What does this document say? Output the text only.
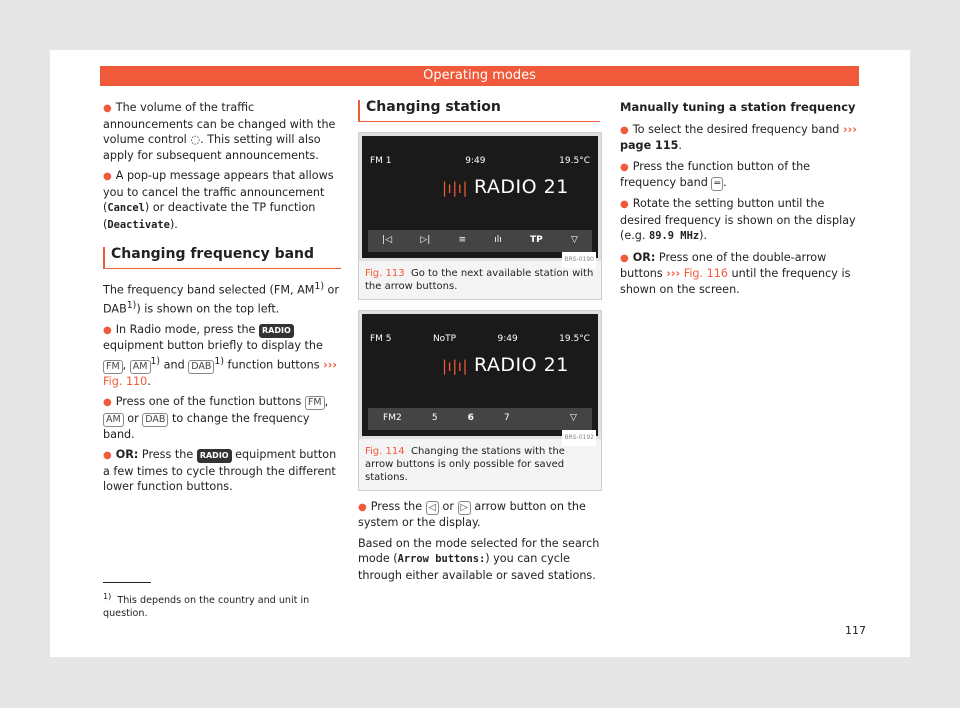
Operating modes

● The volume of the traffic announcements can be changed with the volume control ◌. This setting will also apply for subsequent announcements.

● A pop-up message appears that allows you to cancel the traffic announcement (Cancel) or deactivate the TP function (Deactivate).

Changing frequency band

The frequency band selected (FM, AM$^{1)}$ or DAB$^{1)}$) is shown on the top left.

● In Radio mode, press the RADIO equipment button briefly to display the FM , AM $^{1)}$ and DAB $^{1)}$ function buttons ››› Fig. 110.

● Press one of the function buttons FM , AM or DAB to change the frequency band.

● OR: Press the RADIO equipment button a few times to cycle through the different lower function buttons.

Changing station
FM 1	9:49	19.5°C
|ı|ı| RADIO 21
|◁	▷|	≡	ılı	TP	▽
BRS-0190
Fig. 113 Go to the next available station with the arrow buttons.
FM 5	NoTP	9:49	19.5°C
|ı|ı| RADIO 21
FM2	5	6	7	▽
BRS-0192
Fig. 114 Changing the stations with the arrow buttons is only possible for saved stations.

● Press the ◁ or ▷ arrow button on the system or the display.

Based on the mode selected for the search mode (Arrow buttons:) you can cycle through either available or saved stations.

Manually tuning a station frequency

● To select the desired frequency band ››› page 115.

● Press the function button of the frequency band ═ .

● Rotate the setting button until the desired frequency is shown on the display (e.g. 89.9 MHz).

● OR: Press one of the double-arrow buttons ››› Fig. 116 until the frequency is shown on the screen.

$^{1)}$ This depends on the country and unit in question.
117
